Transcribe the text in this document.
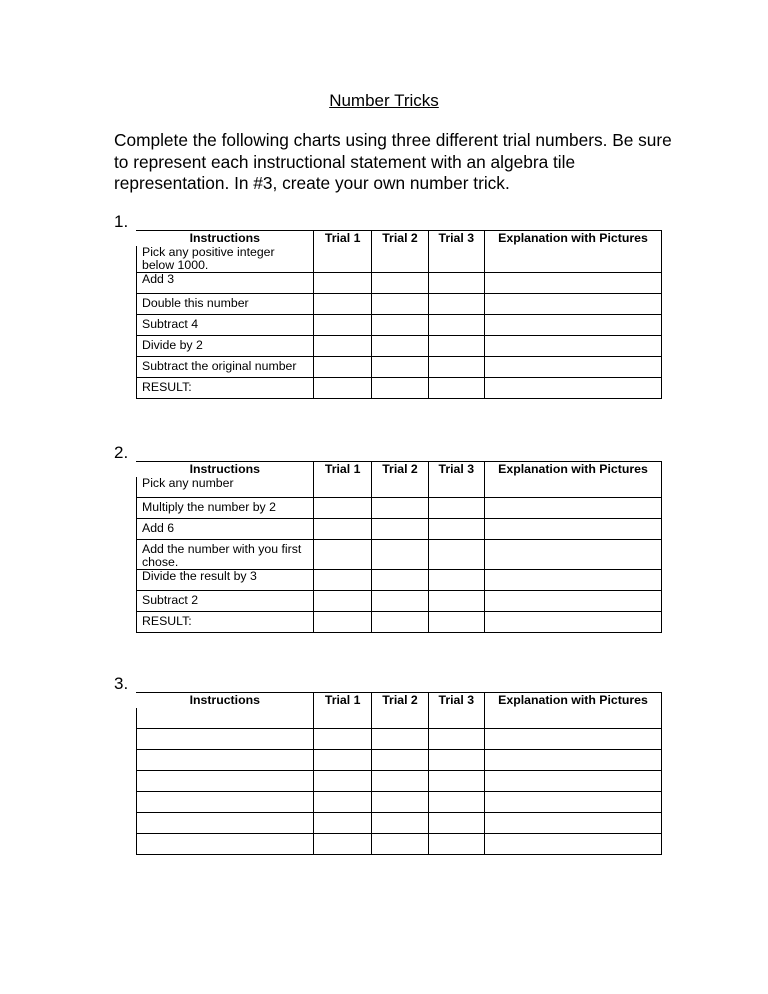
Number Tricks
Complete the following charts using three different trial numbers. Be sure to represent each instructional statement with an algebra tile representation. In #3, create your own number trick.
1.
Instructions	Trial 1	Trial 2	Trial 3	Explanation with Pictures
Pick any positive integer below 1000.				
Add 3				
Double this number				
Subtract 4				
Divide by 2				
Subtract the original number				
RESULT:				
2.
Instructions	Trial 1	Trial 2	Trial 3	Explanation with Pictures
Pick any number				
Multiply the number by 2				
Add 6				
Add the number with you first chose.				
Divide the result by 3				
Subtract 2				
RESULT:				
3.
Instructions	Trial 1	Trial 2	Trial 3	Explanation with Pictures
